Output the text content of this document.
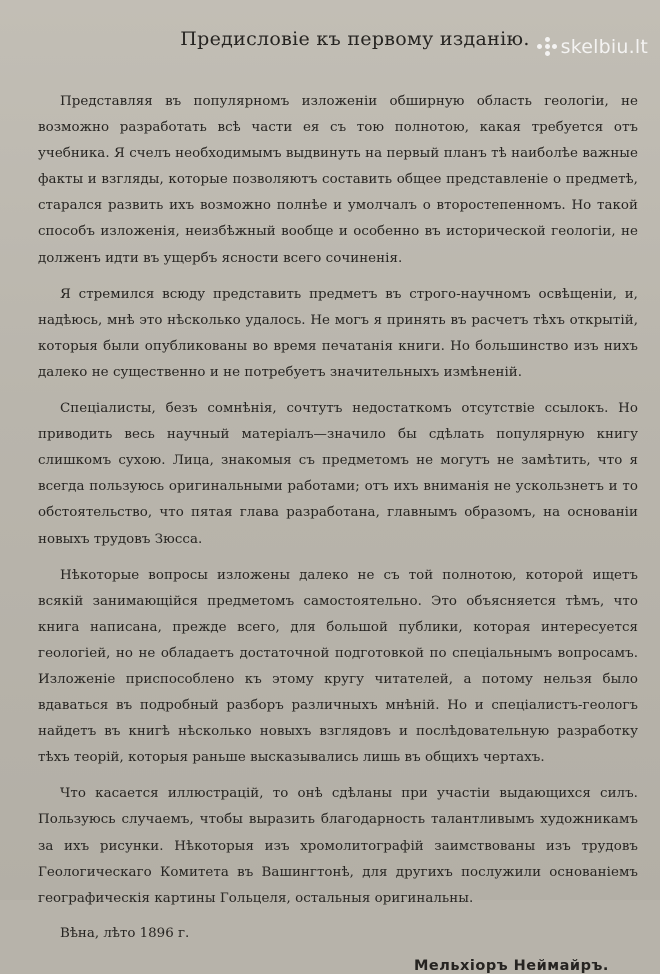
skelbiu.lt
Предисловіе къ первому изданію.

Представляя въ популярномъ изложеніи обширную область геологіи, не возможно разработать всѣ части ея съ тою полнотою, какая требуется отъ учебника. Я счелъ необходимымъ выдвинуть на первый планъ тѣ наиболѣе важные факты и взгляды, которые позволяютъ составить общее представленіе о предметѣ, старался развить ихъ возможно полнѣе и умолчалъ о второстепенномъ. Но такой способъ изложенія, неизбѣжный вообще и особенно въ исторической геологіи, не долженъ идти въ ущербъ ясности всего сочиненія.

Я стремился всюду представить предметъ въ строго-научномъ освѣщеніи, и, надѣюсь, мнѣ это нѣсколько удалось. Не могъ я принять въ расчетъ тѣхъ открытій, которыя были опубликованы во время печатанія книги. Но большинство изъ нихъ далеко не существенно и не потребуетъ значительныхъ измѣненій.

Спеціалисты, безъ сомнѣнія, сочтутъ недостаткомъ отсутствіе ссылокъ. Но приводить весь научный матеріалъ—значило бы сдѣлать популярную книгу слишкомъ сухою. Лица, знакомыя съ предметомъ не могутъ не замѣтить, что я всегда пользуюсь оригинальными работами; отъ ихъ вниманія не ускользнетъ и то обстоятельство, что пятая глава разработана, главнымъ образомъ, на основаніи новыхъ трудовъ Зюсса.

Нѣкоторые вопросы изложены далеко не съ той полнотою, которой ищетъ всякій занимающійся предметомъ самостоятельно. Это объясняется тѣмъ, что книга написана, прежде всего, для большой публики, которая интересуется геологіей, но не обладаетъ достаточной подготовкой по спеціальнымъ вопросамъ. Изложеніе приспособлено къ этому кругу читателей, а потому нельзя было вдаваться въ подробный разборъ различныхъ мнѣній. Но и спеціалистъ-геологъ найдетъ въ книгѣ нѣсколько новыхъ взглядовъ и послѣдовательную разработку тѣхъ теорій, которыя раньше высказывались лишь въ общихъ чертахъ.

Что касается иллюстрацій, то онѣ сдѣланы при участіи выдающихся силъ. Пользуюсь случаемъ, чтобы выразить благодарность талантливымъ художникамъ за ихъ рисунки. Нѣкоторыя изъ хромолитографій заимствованы изъ трудовъ Геологическаго Комитета въ Вашингтонѣ, для другихъ послужили основаніемъ географическія картины Гольцеля, остальныя оригинальны.

Вѣна, лѣто 1896 г.
Мельхіоръ Неймайръ.
